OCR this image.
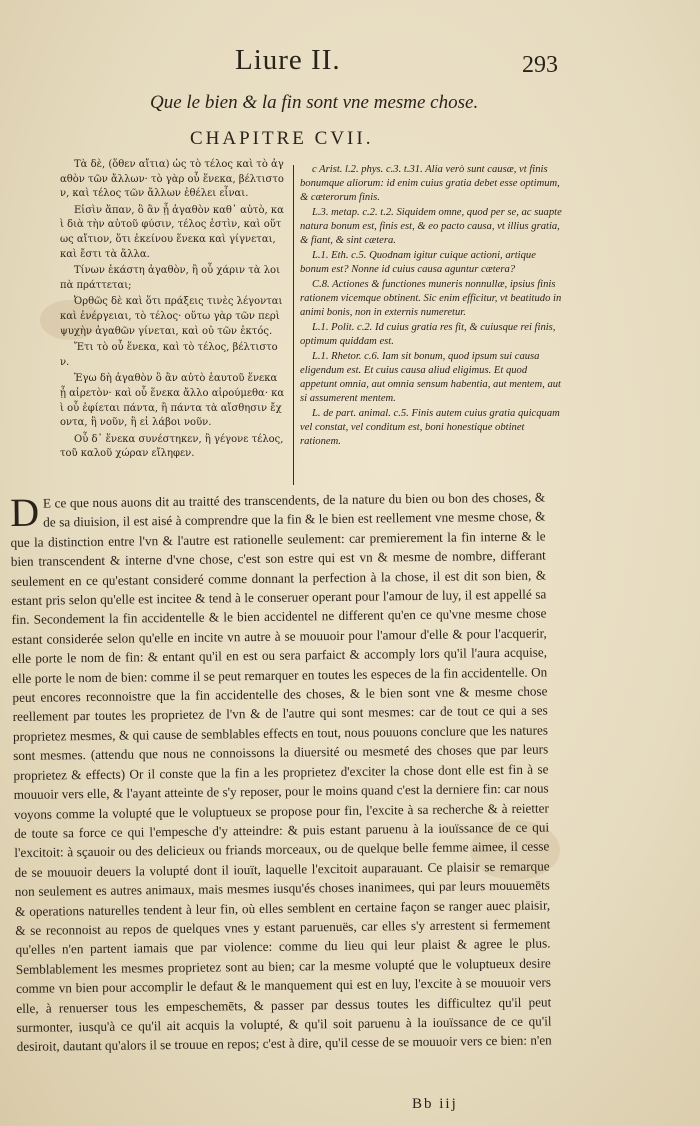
Liure II.	293
Que le bien & la fin sont vne mesme chose.
CHAPITRE CVII.

Τὰ δὲ, (ὅθεν αἴτια) ὡς τὸ τέλος καὶ τὸ ἀγαθὸν τῶν ἄλλων· τὸ γὰρ οὗ ἕνεκα, βέλτιστον, καὶ τέλος τῶν ἄλλων ἐθέλει εἶναι.

Εἰσὶν ἅπαν, ὃ ἂν ᾖ ἀγαθὸν καθ᾽ αὑτὸ, καὶ διὰ τὴν αὑτοῦ φύσιν, τέλος ἐστὶν, καὶ οὕτως αἴτιον, ὅτι ἐκείνου ἕνεκα καὶ γίγνεται, καὶ ἔστι τὰ ἄλλα.

Τίνων ἑκάστη ἀγαθὸν, ἢ οὗ χάριν τὰ λοιπὰ πράττεται;

Ὀρθῶς δὲ καὶ ὅτι πράξεις τινὲς λέγονται καὶ ἐνέργειαι, τὸ τέλος· οὕτω γὰρ τῶν περὶ ψυχὴν ἀγαθῶν γίνεται, καὶ οὐ τῶν ἐκτός.

Ἔτι τὸ οὗ ἕνεκα, καὶ τὸ τέλος, βέλτιστον.

Ἐγω δὴ ἀγαθὸν ὃ ἂν αὐτὸ ἑαυτοῦ ἕνεκα ᾖ αἱρετὸν· καὶ οὗ ἕνεκα ἄλλο αἱρούμεθα· καὶ οὗ ἐφίεται πάντα, ἢ πάντα τὰ αἴσθησιν ἔχοντα, ἢ νοῦν, ἢ εἰ λάβοι νοῦν.

Οὗ δ᾽ ἕνεκα συνέστηκεν, ἢ γέγονε τέλος, τοῦ καλοῦ χώραν εἴληφεν.

c Arist. l.2. phys. c.3. t.31. Alia verò sunt causæ, vt finis bonumque aliorum: id enim cuius gratia debet esse optimum, & cæterorum finis.

L.3. metap. c.2. t.2. Siquidem omne, quod per se, ac suapte natura bonum est, finis est, & eo pacto causa, vt illius gratia, & fiant, & sint cætera.

L.1. Eth. c.5. Quodnam igitur cuique actioni, artique bonum est? Nonne id cuius causa aguntur cætera?

C.8. Actiones & functiones muneris nonnullæ, ipsius finis rationem vicemque obtinent. Sic enim efficitur, vt beatitudo in animi bonis, non in externis numeretur.

L.1. Polit. c.2. Id cuius gratia res fit, & cuiusque rei finis, optimum quiddam est.

L.1. Rhetor. c.6. Iam sit bonum, quod ipsum sui causa eligendum est. Et cuius causa aliud eligimus. Et quod appetunt omnia, aut omnia sensum habentia, aut mentem, aut si assumerent mentem.

L. de part. animal. c.5. Finis autem cuius gratia quicquam vel constat, vel conditum est, boni honestique obtinet rationem.

D E ce que nous auons dit au traitté des transcendents, de la nature du bien ou bon des choses, & de sa diuision, il est aisé à comprendre que la fin & le bien est reellement vne mesme chose, & que la distinction entre l'vn & l'autre est rationelle seulement: car premierement la fin interne & le bien transcendent & interne d'vne chose, c'est son estre qui est vn & mesme de nombre, differant seulement en ce qu'estant consideré comme donnant la perfection à la chose, il est dit son bien, & estant pris selon qu'elle est incitee & tend à le conseruer operant pour l'amour de luy, il est appellé sa fin. Secondement la fin accidentelle & le bien accidentel ne different qu'en ce qu'vne mesme chose estant considerée selon qu'elle en incite vn autre à se mouuoir pour l'amour d'elle & pour l'acquerir, elle porte le nom de fin: & entant qu'il en est ou sera parfaict & accomply lors qu'il l'aura acquise, elle porte le nom de bien: comme il se peut remarquer en toutes les especes de la fin accidentelle. On peut encores reconnoistre que la fin accidentelle des choses, & le bien sont vne & mesme chose reellement par toutes les proprietez de l'vn & de l'autre qui sont mesmes: car de tout ce qui a ses proprietez mesmes, & qui cause de semblables effects en tout, nous pouuons conclure que les natures sont mesmes. (attendu que nous ne connoissons la diuersité ou mesmeté des choses que par leurs proprietez & effects) Or il conste que la fin a les proprietez d'exciter la chose dont elle est fin à se mouuoir vers elle, & l'ayant atteinte de s'y reposer, pour le moins quand c'est la derniere fin: car nous voyons comme la volupté que le voluptueux se propose pour fin, l'excite à sa recherche & à reietter de toute sa force ce qui l'empesche d'y atteindre: & puis estant paruenu à la iouïssance de ce qui l'excitoit: à sçauoir ou des delicieux ou friands morceaux, ou de quelque belle femme aimee, il cesse de se mouuoir deuers la volupté dont il iouït, laquelle l'excitoit auparauant. Ce plaisir se remarque non seulement es autres animaux, mais mesmes iusqu'és choses inanimees, qui par leurs mouuemēts & operations naturelles tendent à leur fin, où elles semblent en certaine façon se ranger auec plaisir, & se reconnoist au repos de quelques vnes y estant paruenuës, car elles s'y arrestent si fermement qu'elles n'en partent iamais que par violence: comme du lieu qui leur plaist & agree le plus. Semblablement les mesmes proprietez sont au bien; car la mesme volupté que le voluptueux desire comme vn bien pour accomplir le defaut & le manquement qui est en luy, l'excite à se mouuoir vers elle, à renuerser tous les empeschemēts, & passer par dessus toutes les difficultez qu'il peut surmonter, iusqu'à ce qu'il ait acquis la volupté, & qu'il soit paruenu à la iouïssance de ce qu'il desiroit, dautant qu'alors il se trouue en repos; c'est à dire, qu'il cesse de se mouuoir vers ce bien: n'en

Bb iij
